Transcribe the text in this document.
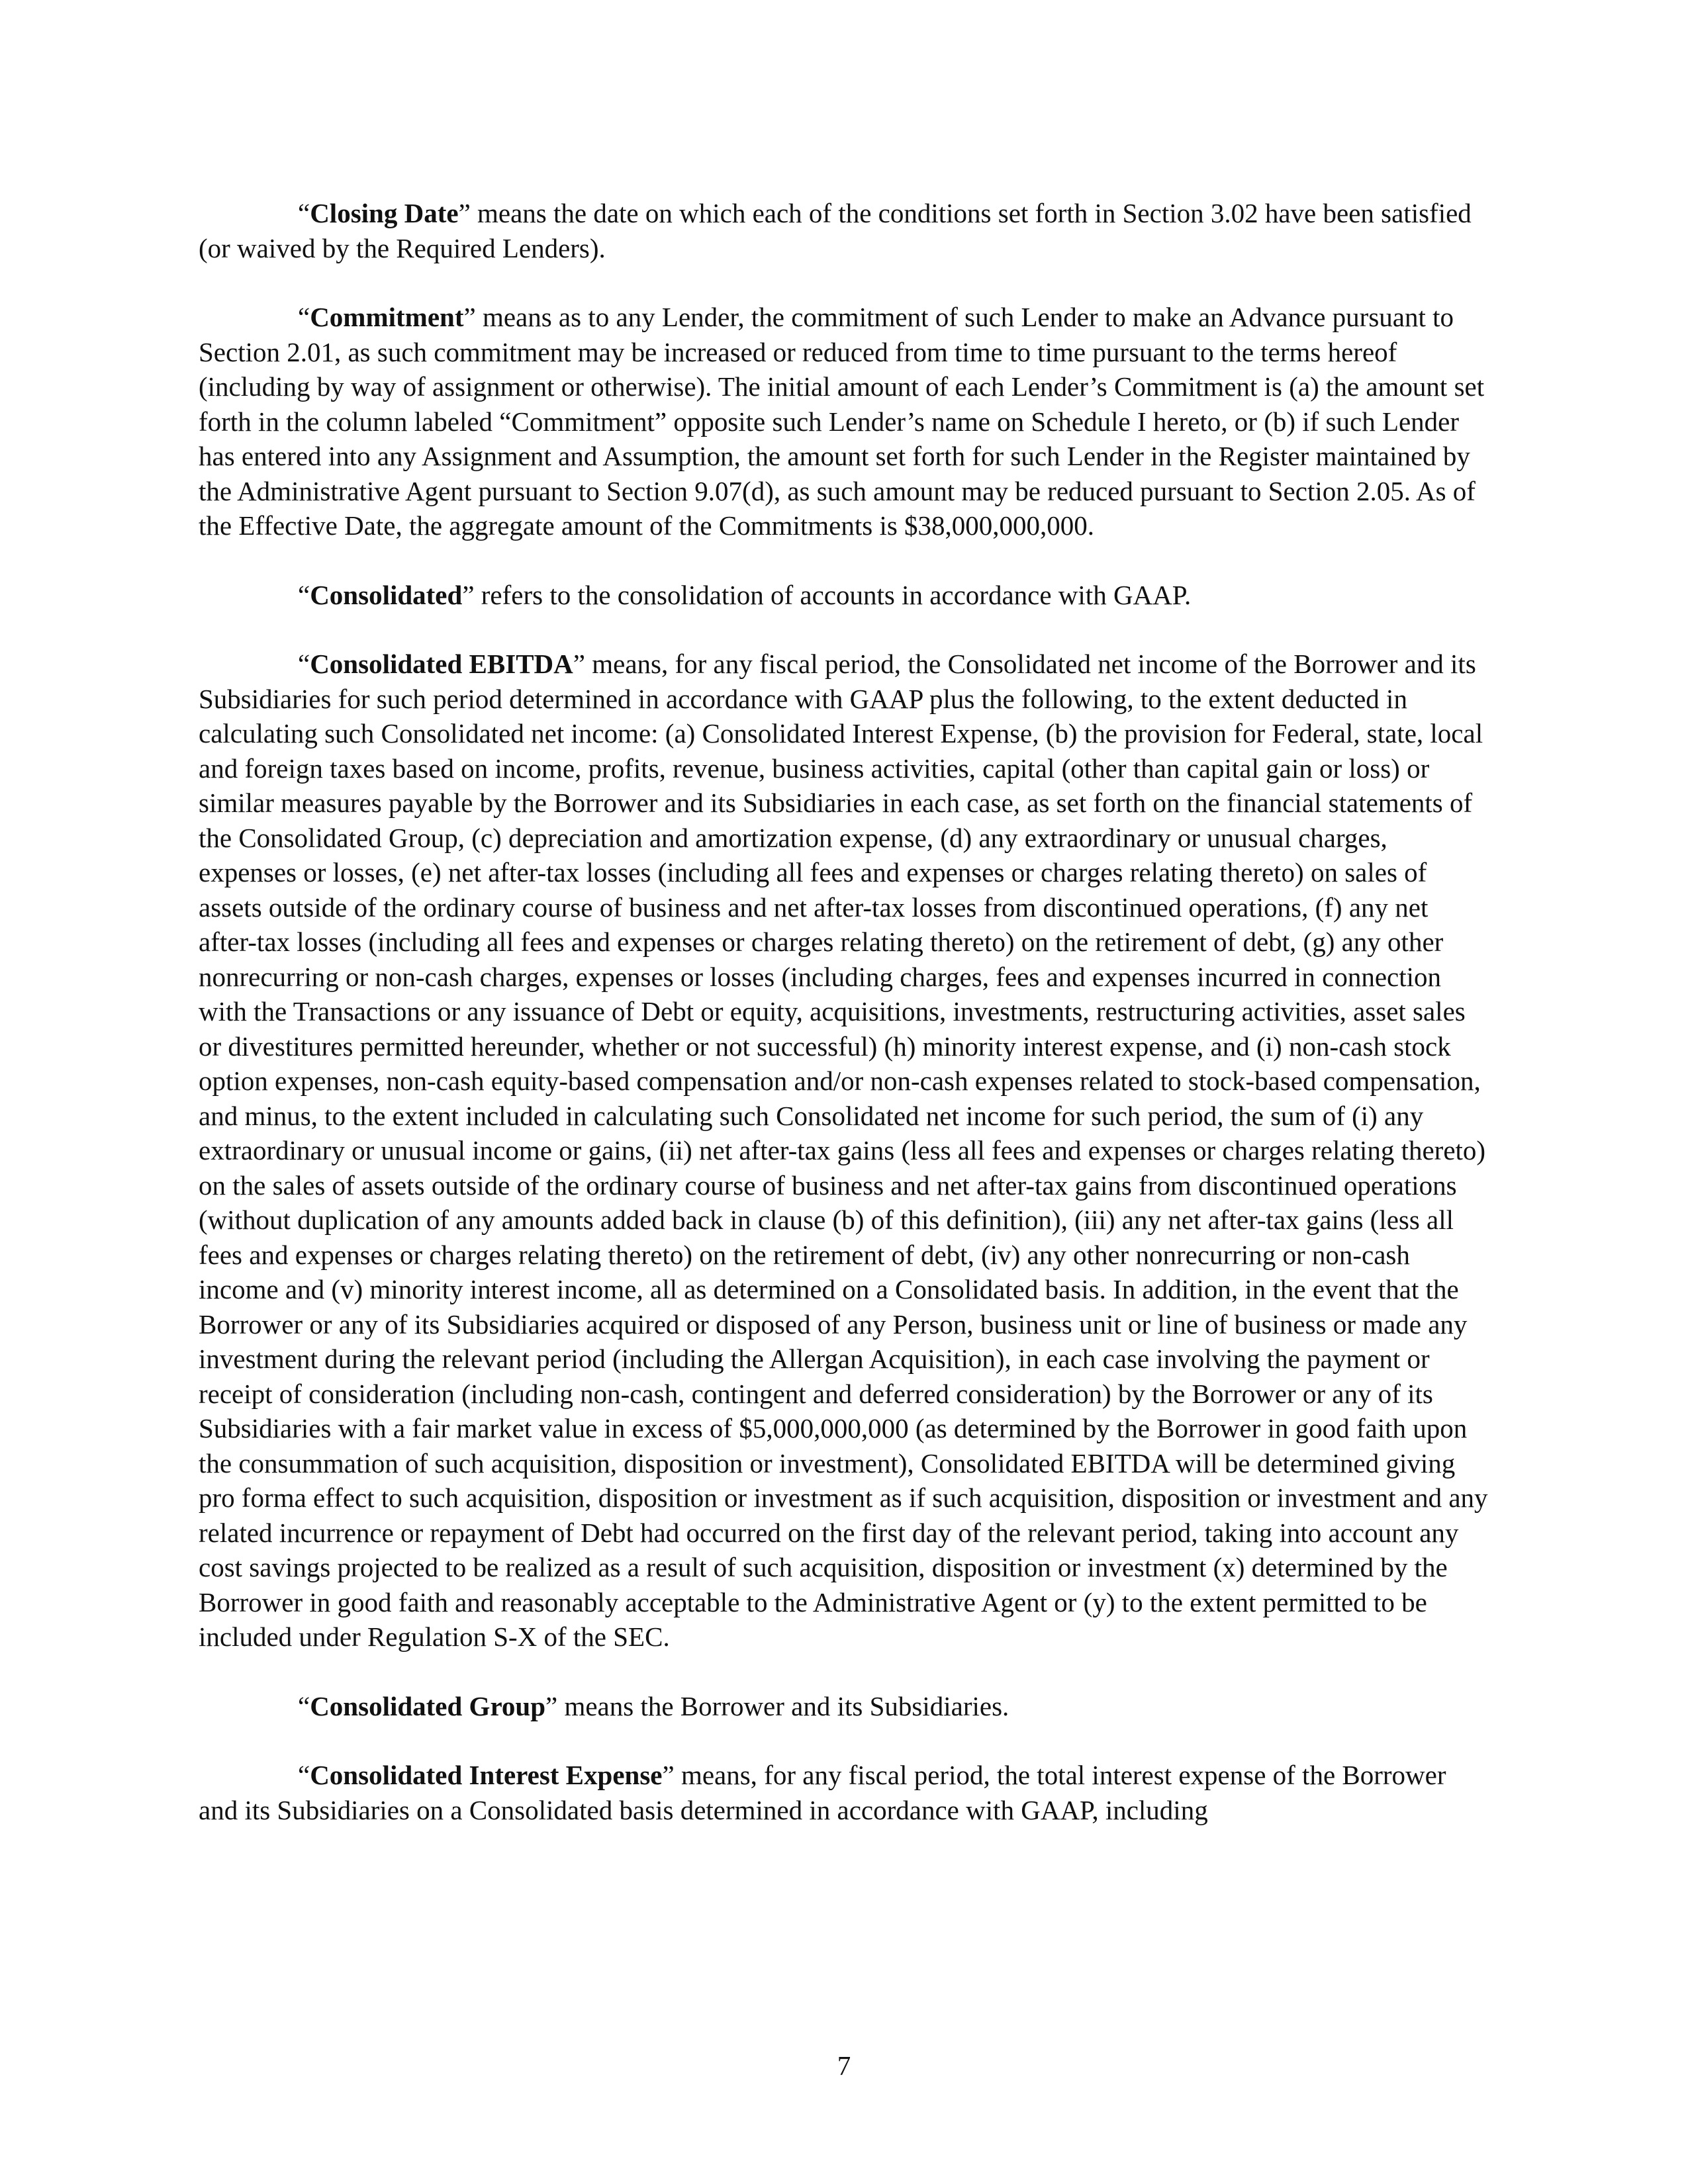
“Closing Date” means the date on which each of the conditions set forth in Section 3.02 have been satisfied (or waived by the Required Lenders).

“Commitment” means as to any Lender, the commitment of such Lender to make an Advance pursuant to Section 2.01, as such commitment may be increased or reduced from time to time pursuant to the terms hereof (including by way of assignment or otherwise). The initial amount of each Lender’s Commitment is (a) the amount set forth in the column labeled “Commitment” opposite such Lender’s name on Schedule I hereto, or (b) if such Lender has entered into any Assignment and Assumption, the amount set forth for such Lender in the Register maintained by the Administrative Agent pursuant to Section 9.07(d), as such amount may be reduced pursuant to Section 2.05. As of the Effective Date, the aggregate amount of the Commitments is $38,000,000,000.

“Consolidated” refers to the consolidation of accounts in accordance with GAAP.

“Consolidated EBITDA” means, for any fiscal period, the Consolidated net income of the Borrower and its Subsidiaries for such period determined in accordance with GAAP plus the following, to the extent deducted in calculating such Consolidated net income: (a) Consolidated Interest Expense, (b) the provision for Federal, state, local and foreign taxes based on income, profits, revenue, business activities, capital (other than capital gain or loss) or similar measures payable by the Borrower and its Subsidiaries in each case, as set forth on the financial statements of the Consolidated Group, (c) depreciation and amortization expense, (d) any extraordinary or unusual charges, expenses or losses, (e) net after-tax losses (including all fees and expenses or charges relating thereto) on sales of assets outside of the ordinary course of business and net after-tax losses from discontinued operations, (f) any net after-tax losses (including all fees and expenses or charges relating thereto) on the retirement of debt, (g) any other nonrecurring or non-cash charges, expenses or losses (including charges, fees and expenses incurred in connection with the Transactions or any issuance of Debt or equity, acquisitions, investments, restructuring activities, asset sales or divestitures permitted hereunder, whether or not successful) (h) minority interest expense, and (i) non-cash stock option expenses, non-cash equity-based compensation and/or non-cash expenses related to stock-based compensation, and minus, to the extent included in calculating such Consolidated net income for such period, the sum of (i) any extraordinary or unusual income or gains, (ii) net after-tax gains (less all fees and expenses or charges relating thereto) on the sales of assets outside of the ordinary course of business and net after-tax gains from discontinued operations (without duplication of any amounts added back in clause (b) of this definition), (iii) any net after-tax gains (less all fees and expenses or charges relating thereto) on the retirement of debt, (iv) any other nonrecurring or non-cash income and (v) minority interest income, all as determined on a Consolidated basis. In addition, in the event that the Borrower or any of its Subsidiaries acquired or disposed of any Person, business unit or line of business or made any investment during the relevant period (including the Allergan Acquisition), in each case involving the payment or receipt of consideration (including non-cash, contingent and deferred consideration) by the Borrower or any of its Subsidiaries with a fair market value in excess of $5,000,000,000 (as determined by the Borrower in good faith upon the consummation of such acquisition, disposition or investment), Consolidated EBITDA will be determined giving pro forma effect to such acquisition, disposition or investment as if such acquisition, disposition or investment and any related incurrence or repayment of Debt had occurred on the first day of the relevant period, taking into account any cost savings projected to be realized as a result of such acquisition, disposition or investment (x) determined by the Borrower in good faith and reasonably acceptable to the Administrative Agent or (y) to the extent permitted to be included under Regulation S-X of the SEC.

“Consolidated Group” means the Borrower and its Subsidiaries.

“Consolidated Interest Expense” means, for any fiscal period, the total interest expense of the Borrower and its Subsidiaries on a Consolidated basis determined in accordance with GAAP, including

7
